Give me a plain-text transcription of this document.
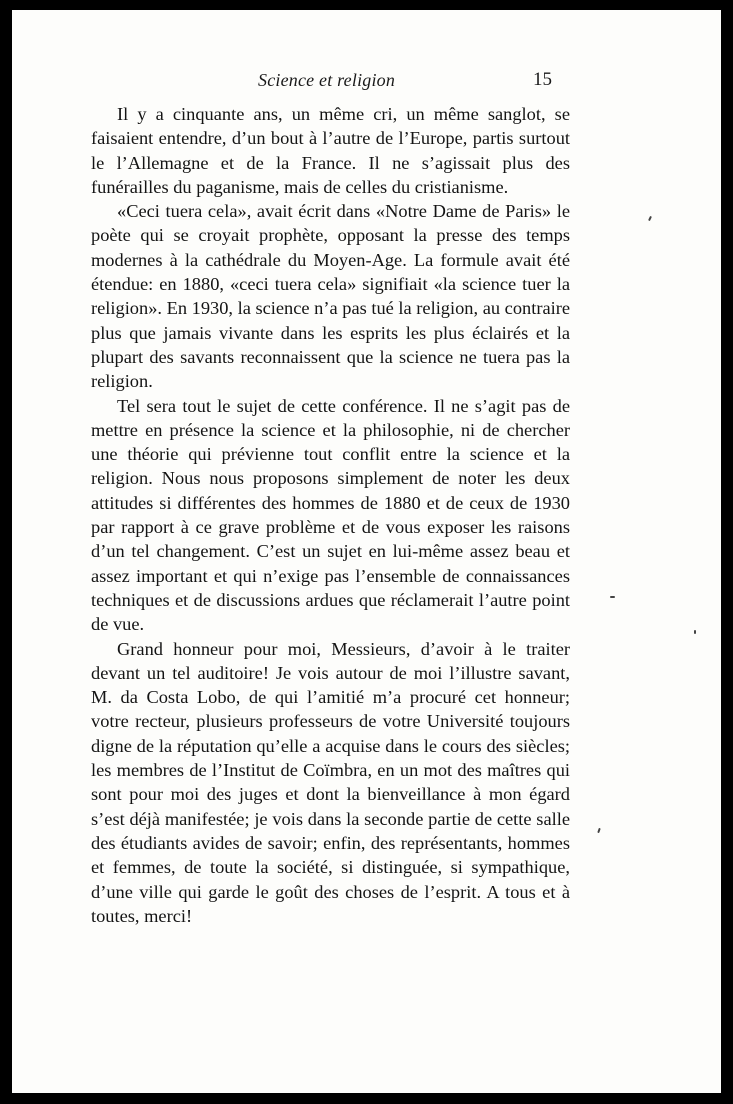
Science et religion	15

Il y a cinquante ans, un même cri, un même sanglot, se faisaient entendre, d’un bout à l’autre de l’Europe, partis surtout le l’Allemagne et de la France. Il ne s’agissait plus des funérailles du paganisme, mais de celles du cristianisme.

«Ceci tuera cela», avait écrit dans «Notre Dame de Paris» le poète qui se croyait prophète, opposant la presse des temps modernes à la cathédrale du Moyen-Age. La formule avait été étendue: en 1880, «ceci tuera cela» signifiait «la science tuer la religion». En 1930, la science n’a pas tué la religion, au contraire plus que jamais vivante dans les esprits les plus éclairés et la plupart des savants reconnaissent que la science ne tuera pas la religion.

Tel sera tout le sujet de cette conférence. Il ne s’agit pas de mettre en présence la science et la philosophie, ni de chercher une théorie qui prévienne tout conflit entre la science et la religion. Nous nous proposons simplement de noter les deux attitudes si différentes des hommes de 1880 et de ceux de 1930 par rapport à ce grave problème et de vous exposer les raisons d’un tel changement. C’est un sujet en lui-même assez beau et assez important et qui n’exige pas l’ensemble de connaissances techniques et de discussions ardues que réclamerait l’autre point de vue.

Grand honneur pour moi, Messieurs, d’avoir à le traiter devant un tel auditoire! Je vois autour de moi l’illustre savant, M. da Costa Lobo, de qui l’amitié m’a procuré cet honneur; votre recteur, plusieurs professeurs de votre Université toujours digne de la réputation qu’elle a acquise dans le cours des siècles; les membres de l’Institut de Coïmbra, en un mot des maîtres qui sont pour moi des juges et dont la bienveillance à mon égard s’est déjà manifestée; je vois dans la seconde partie de cette salle des étudiants avides de savoir; enfin, des représentants, hommes et femmes, de toute la société, si distinguée, si sympathique, d’une ville qui garde le goût des choses de l’esprit. A tous et à toutes, merci!
